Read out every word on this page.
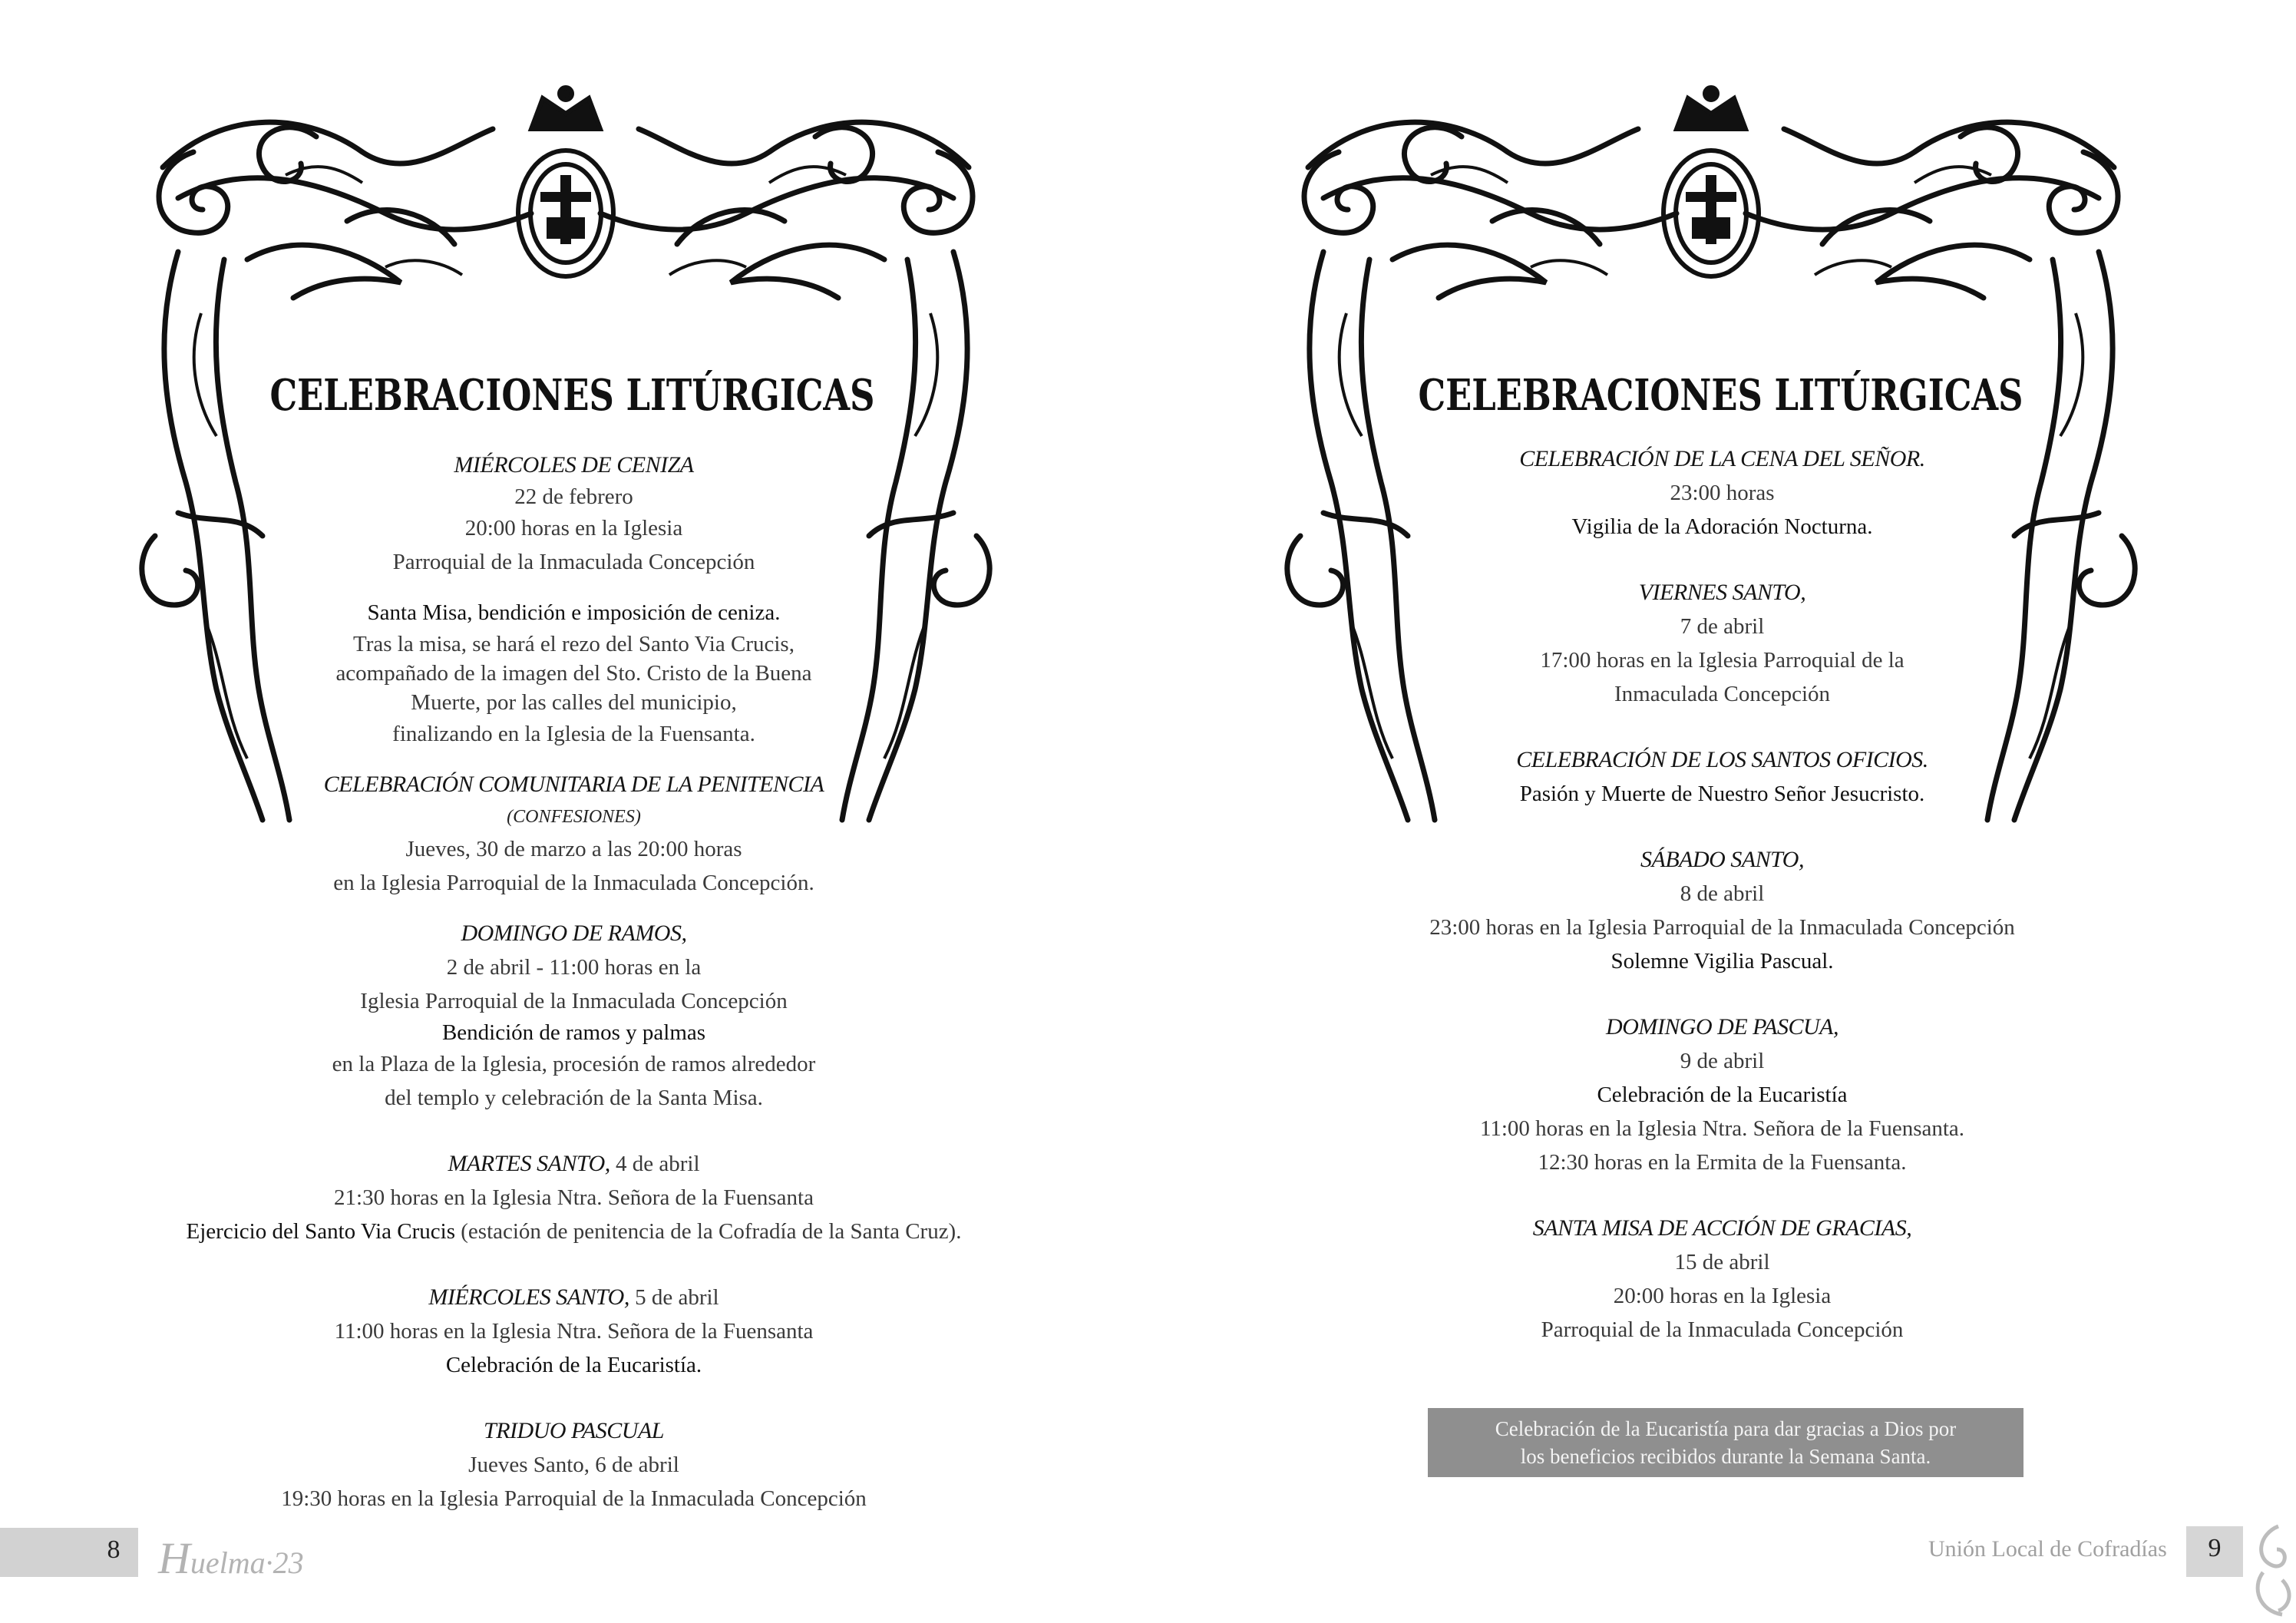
CELEBRACIONES LITÚRGICAS
MIÉRCOLES DE CENIZA
22 de febrero
20:00 horas en la Iglesia
Parroquial de la Inmaculada Concepción
Santa Misa, bendición e imposición de ceniza.
Tras la misa, se hará el rezo del Santo Via Crucis,
acompañado de la imagen del Sto. Cristo de la Buena
Muerte, por las calles del municipio,
finalizando en la Iglesia de la Fuensanta.
CELEBRACIÓN COMUNITARIA DE LA PENITENCIA
(CONFESIONES)
Jueves, 30 de marzo a las 20:00 horas
en la Iglesia Parroquial de la Inmaculada Concepción.
DOMINGO DE RAMOS,
2 de abril - 11:00 horas en la
Iglesia Parroquial de la Inmaculada Concepción
Bendición de ramos y palmas
en la Plaza de la Iglesia, procesión de ramos alrededor
del templo y celebración de la Santa Misa.
MARTES SANTO, 4 de abril
21:30 horas en la Iglesia Ntra. Señora de la Fuensanta
Ejercicio del Santo Via Crucis (estación de penitencia de la Cofradía de la Santa Cruz).
MIÉRCOLES SANTO, 5 de abril
11:00 horas en la Iglesia Ntra. Señora de la Fuensanta
Celebración de la Eucaristía.
TRIDUO PASCUAL
Jueves Santo, 6 de abril
19:30 horas en la Iglesia Parroquial de la Inmaculada Concepción
8 Huelma·23
CELEBRACIONES LITÚRGICAS
CELEBRACIÓN DE LA CENA DEL SEÑOR.
23:00 horas
Vigilia de la Adoración Nocturna.
VIERNES SANTO,
7 de abril
17:00 horas en la Iglesia Parroquial de la
Inmaculada Concepción
CELEBRACIÓN DE LOS SANTOS OFICIOS.
Pasión y Muerte de Nuestro Señor Jesucristo.
SÁBADO SANTO,
8 de abril
23:00 horas en la Iglesia Parroquial de la Inmaculada Concepción
Solemne Vigilia Pascual.
DOMINGO DE PASCUA,
9 de abril
Celebración de la Eucaristía
11:00 horas en la Iglesia Ntra. Señora de la Fuensanta.
12:30 horas en la Ermita de la Fuensanta.
SANTA MISA DE ACCIÓN DE GRACIAS,
15 de abril
20:00 horas en la Iglesia
Parroquial de la Inmaculada Concepción
Celebración de la Eucaristía para dar gracias a Dios por
los beneficios recibidos durante la Semana Santa.
Unión Local de Cofradías	9
